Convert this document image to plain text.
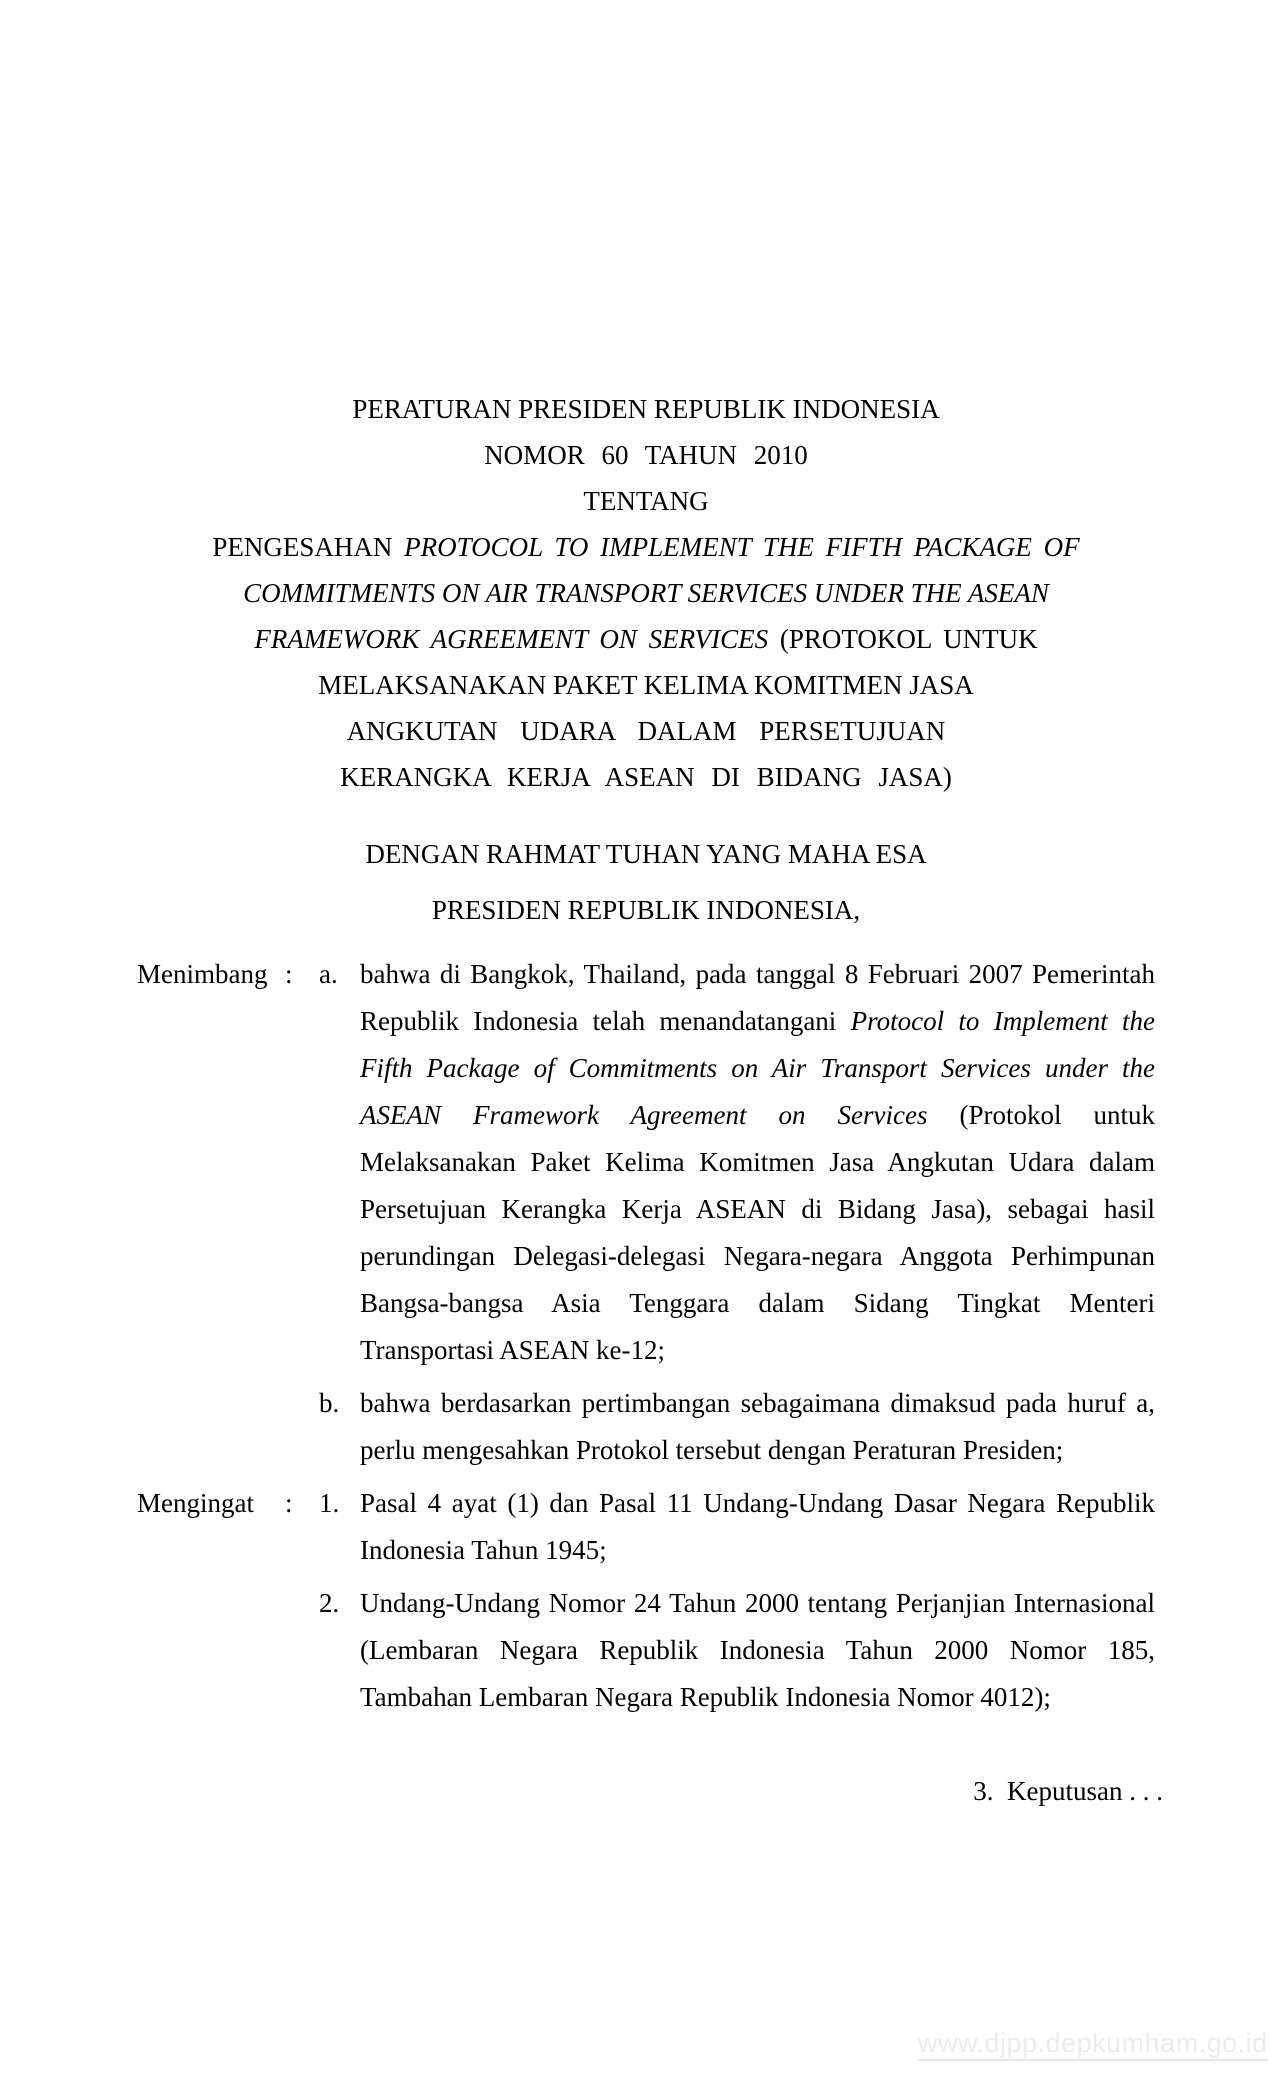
PERATURAN PRESIDEN REPUBLIK INDONESIA
NOMOR 60 TAHUN 2010
TENTANG
PENGESAHAN PROTOCOL TO IMPLEMENT THE FIFTH PACKAGE OF
COMMITMENTS ON AIR TRANSPORT SERVICES UNDER THE ASEAN
FRAMEWORK AGREEMENT ON SERVICES (PROTOKOL UNTUK
MELAKSANAKAN PAKET KELIMA KOMITMEN JASA
ANGKUTAN UDARA DALAM PERSETUJUAN
KERANGKA KERJA ASEAN DI BIDANG JASA)
DENGAN RAHMAT TUHAN YANG MAHA ESA
PRESIDEN REPUBLIK INDONESIA,
Menimbang : a. bahwa di Bangkok, Thailand, pada tanggal 8 Februari 2007 Pemerintah Republik Indonesia telah menandatangani Protocol to Implement the Fifth Package of Commitments on Air Transport Services under the ASEAN Framework Agreement on Services (Protokol untuk Melaksanakan Paket Kelima Komitmen Jasa Angkutan Udara dalam Persetujuan Kerangka Kerja ASEAN di Bidang Jasa), sebagai hasil perundingan Delegasi-delegasi Negara-negara Anggota Perhimpunan Bangsa-bangsa Asia Tenggara dalam Sidang Tingkat Menteri Transportasi ASEAN ke-12;
b. bahwa berdasarkan pertimbangan sebagaimana dimaksud pada huruf a, perlu mengesahkan Protokol tersebut dengan Peraturan Presiden;
Mengingat	: 1. Pasal 4 ayat (1) dan Pasal 11 Undang-Undang Dasar Negara Republik Indonesia Tahun 1945;
2. Undang-Undang Nomor 24 Tahun 2000 tentang Perjanjian Internasional (Lembaran Negara Republik Indonesia Tahun 2000 Nomor 185, Tambahan Lembaran Negara Republik Indonesia Nomor 4012);
3.  Keputusan . . .
www.djpp.depkumham.go.id
